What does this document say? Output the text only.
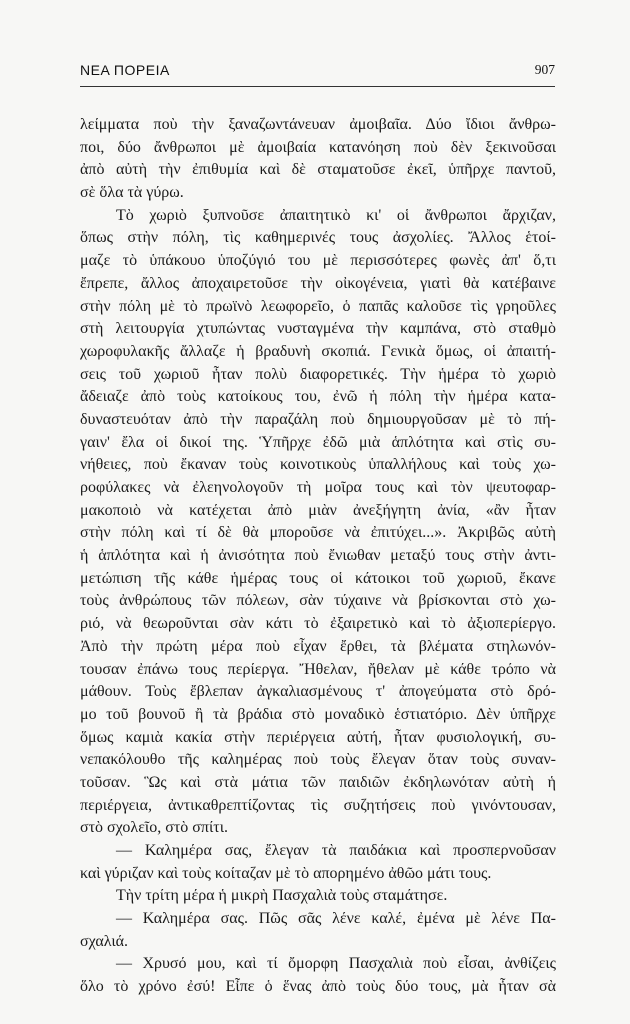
ΝΕΑ ΠΟΡΕΙΑ	907
λείμματα ποὺ τὴν ξαναζωντάνευαν ἀμοιβαῖα. Δύο ἴδιοι ἄνθρω-
ποι, δύο ἄνθρωποι μὲ ἀμοιβαία κατανόηση ποὺ δὲν ξεκινοῦσαι
ἀπὸ αὐτὴ τὴν ἐπιθυμία καὶ δὲ σταματοῦσε ἐκεῖ, ὑπῆρχε παντοῦ,
σὲ ὅλα τὰ γύρω.
Τὸ χωριὸ ξυπνοῦσε ἀπαιτητικὸ κι' οἱ ἄνθρωποι ἄρχιζαν,
ὅπως στὴν πόλη, τὶς καθημερινές τους ἀσχολίες. Ἄλλος ἑτοί-
μαζε τὸ ὑπάκουο ὑποζύγιό του μὲ περισσότερες φωνὲς ἀπ' ὅ,τι
ἔπρεπε, ἄλλος ἀποχαιρετοῦσε τὴν οἰκογένεια, γιατὶ θὰ κατέβαινε
στὴν πόλη μὲ τὸ πρωϊνὸ λεωφορεῖο, ὁ παπᾶς καλοῦσε τὶς γρηοῦλες
στὴ λειτουργία χτυπώντας νυσταγμένα τὴν καμπάνα, στὸ σταθμὸ
χωροφυλακῆς ἄλλαζε ἡ βραδυνὴ σκοπιά. Γενικὰ ὅμως, οἱ ἀπαιτή-
σεις τοῦ χωριοῦ ἦταν πολὺ διαφορετικές. Τὴν ἡμέρα τὸ χωριὸ
ἄδειαζε ἀπὸ τοὺς κατοίκους του, ἐνῶ ἡ πόλη τὴν ἡμέρα κατα-
δυναστευόταν ἀπὸ τὴν παραζάλη ποὺ δημιουργοῦσαν μὲ τὸ πή-
γαιν' ἔλα οἱ δικοί της. Ὑπῆρχε ἐδῶ μιὰ ἁπλότητα καὶ στὶς συ-
νήθειες, ποὺ ἔκαναν τοὺς κοινοτικοὺς ὑπαλλήλους καὶ τοὺς χω-
ροφύλακες νὰ ἐλεηνολογοῦν τὴ μοῖρα τους καὶ τὸν ψευτοφαρ-
μακοποιὸ νὰ κατέχεται ἀπὸ μιὰν ἀνεξήγητη ἀνία, «ἂν ἦταν
στὴν πόλη καὶ τί δὲ θὰ μποροῦσε νὰ ἐπιτύχει...». Ἀκριβῶς αὐτὴ
ἡ ἁπλότητα καὶ ἡ ἀνισότητα ποὺ ἔνιωθαν μεταξύ τους στὴν ἀντι-
μετώπιση τῆς κάθε ἡμέρας τους οἱ κάτοικοι τοῦ χωριοῦ, ἔκανε
τοὺς ἀνθρώπους τῶν πόλεων, σὰν τύχαινε νὰ βρίσκονται στὸ χω-
ριό, νὰ θεωροῦνται σὰν κάτι τὸ ἐξαιρετικὸ καὶ τὸ ἀξιοπερίεργο.
Ἀπὸ τὴν πρώτη μέρα ποὺ εἶχαν ἔρθει, τὰ βλέματα στηλωνόν-
τουσαν ἐπάνω τους περίεργα. Ἤθελαν, ἤθελαν μὲ κάθε τρόπο νὰ
μάθουν. Τοὺς ἔβλεπαν ἀγκαλιασμένους τ' ἀπογεύματα στὸ δρό-
μο τοῦ βουνοῦ ἢ τὰ βράδια στὸ μοναδικὸ ἑστιατόριο. Δὲν ὑπῆρχε
ὅμως καμιὰ κακία στὴν περιέργεια αὐτή, ἦταν φυσιολογική, συ-
νεπακόλουθο τῆς καλημέρας ποὺ τοὺς ἔλεγαν ὅταν τοὺς συναν-
τοῦσαν. Ὣς καὶ στὰ μάτια τῶν παιδιῶν ἐκδηλωνόταν αὐτὴ ἡ
περιέργεια, ἀντικαθρεπτίζοντας τὶς συζητήσεις ποὺ γινόντουσαν,
στὸ σχολεῖο, στὸ σπίτι.
— Καλημέρα σας, ἔλεγαν τὰ παιδάκια καὶ προσπερνοῦσαν
καὶ γύριζαν καὶ τοὺς κοίταζαν μὲ τὸ απορημένο ἀθῶο μάτι τους.
Τὴν τρίτη μέρα ἡ μικρὴ Πασχαλιὰ τοὺς σταμάτησε.
— Καλημέρα σας. Πῶς σᾶς λένε καλέ, ἐμένα μὲ λένε Πα-
σχαλιά.
— Χρυσό μου, καὶ τί ὄμορφη Πασχαλιὰ ποὺ εἶσαι, ἀνθίζεις
ὅλο τὸ χρόνο ἐσύ! Εἶπε ὁ ἕνας ἀπὸ τοὺς δύο τους, μὰ ἦταν σὰ
